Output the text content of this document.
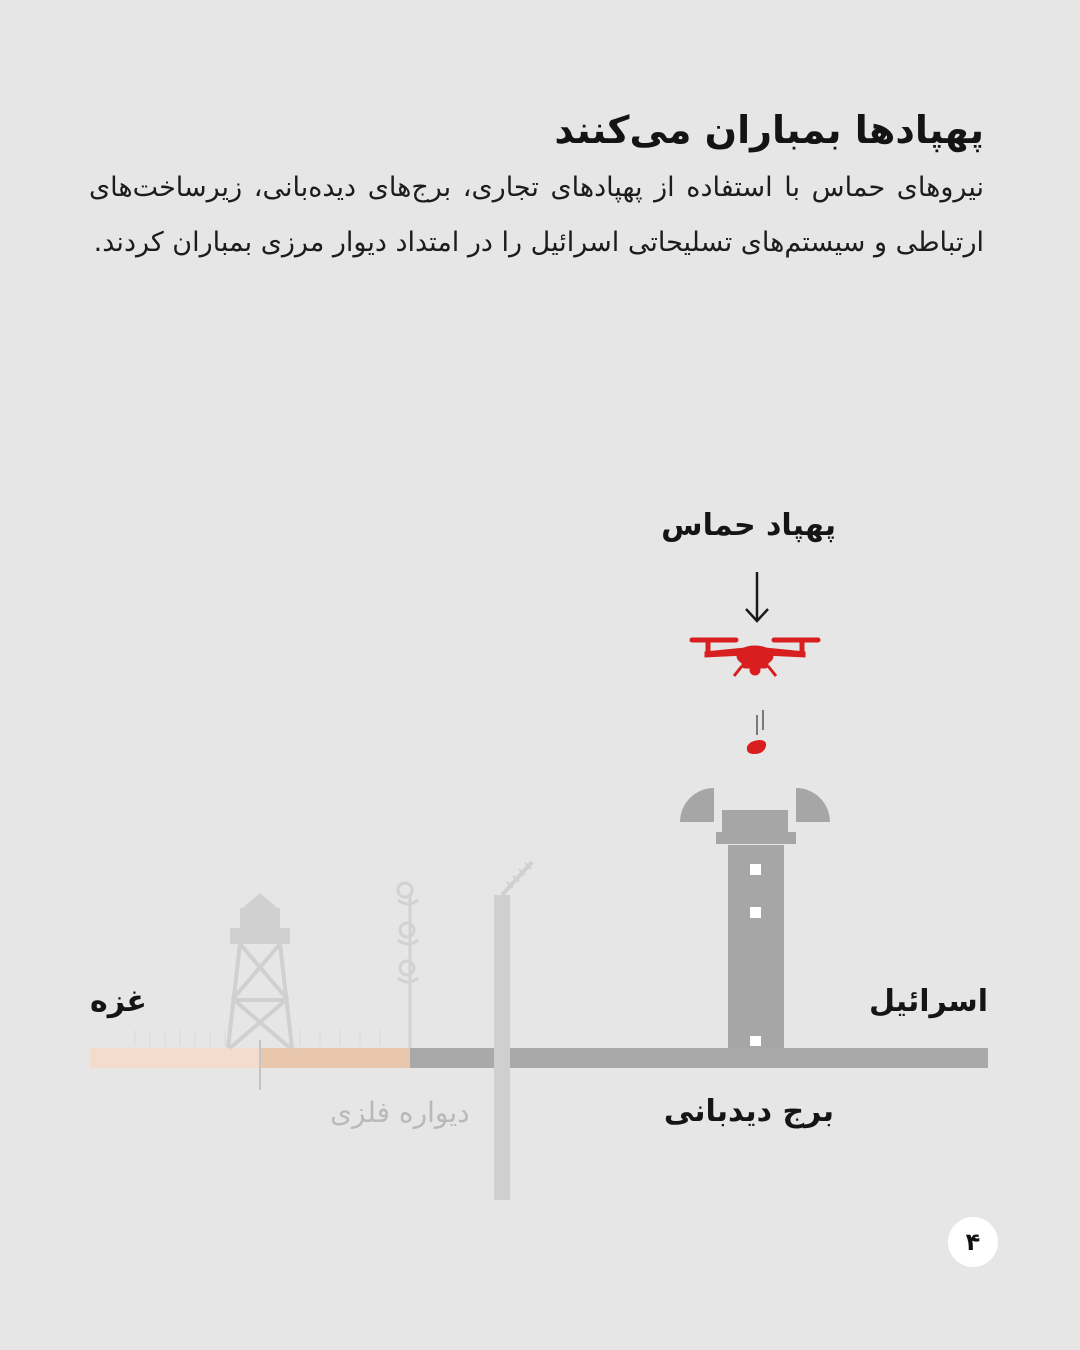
پهپادها بمباران می‌کنند

نیروهای حماس با استفاده از پهپادهای تجاری، برج‌های دیده‌بانی، زیرساخت‌های ارتباطی و سیستم‌های تسلیحاتی اسرائیل را در امتداد دیوار مرزی بمباران کردند.

پهپاد حماس
اسرائیل
غزه
برج دیدبانی
دیواره فلزی
۴
